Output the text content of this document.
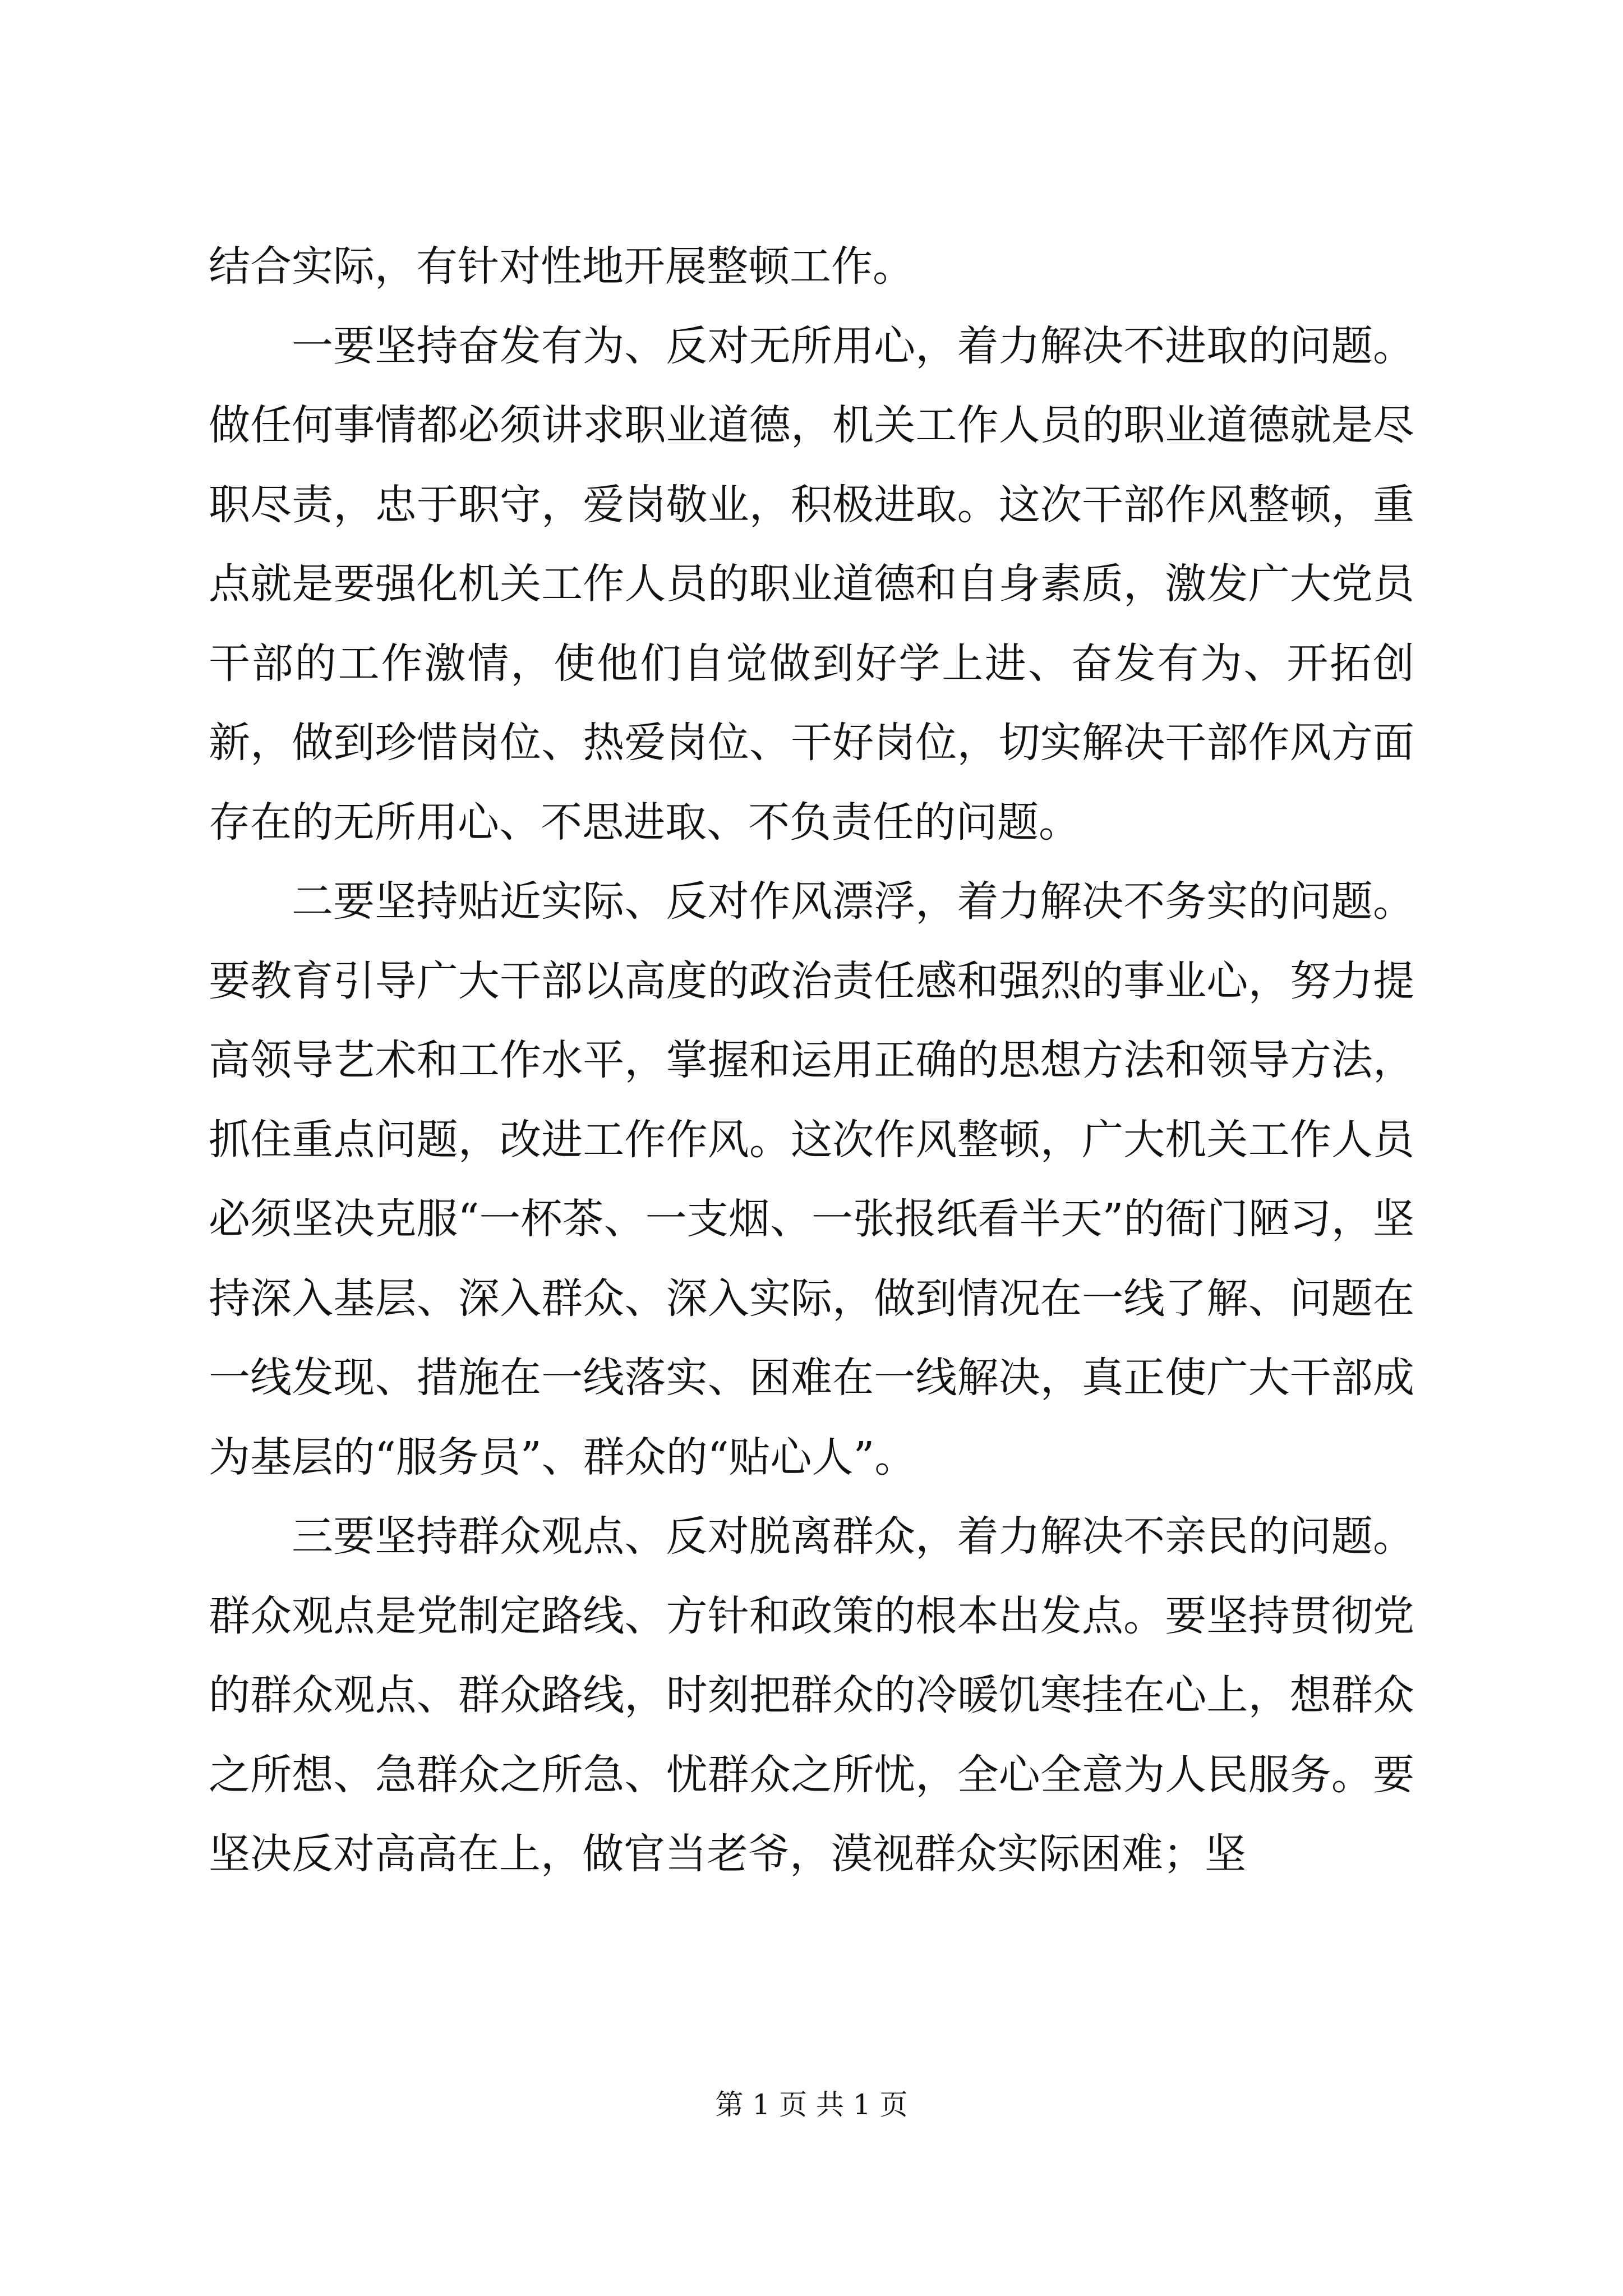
结合实际，有针对性地开展整顿工作。

一要坚持奋发有为、反对无所用心，着力解决不进取的问题。做任何事情都必须讲求职业道德，机关工作人员的职业道德就是尽职尽责，忠于职守，爱岗敬业，积极进取。这次干部作风整顿，重点就是要强化机关工作人员的职业道德和自身素质，激发广大党员干部的工作激情，使他们自觉做到好学上进、奋发有为、开拓创新，做到珍惜岗位、热爱岗位、干好岗位，切实解决干部作风方面存在的无所用心、不思进取、不负责任的问题。

二要坚持贴近实际、反对作风漂浮，着力解决不务实的问题。要教育引导广大干部以高度的政治责任感和强烈的事业心，努力提高领导艺术和工作水平，掌握和运用正确的思想方法和领导方法，抓住重点问题，改进工作作风。这次作风整顿，广大机关工作人员必须坚决克服“一杯茶、一支烟、一张报纸看半天”的衙门陋习，坚持深入基层、深入群众、深入实际，做到情况在一线了解、问题在一线发现、措施在一线落实、困难在一线解决，真正使广大干部成为基层的“服务员”、群众的“贴心人”。

三要坚持群众观点、反对脱离群众，着力解决不亲民的问题。群众观点是党制定路线、方针和政策的根本出发点。要坚持贯彻党的群众观点、群众路线，时刻把群众的冷暖饥寒挂在心上，想群众之所想、急群众之所急、忧群众之所忧，全心全意为人民服务。要坚决反对高高在上，做官当老爷，漠视群众实际困难；坚

第 1 页 共 1 页
